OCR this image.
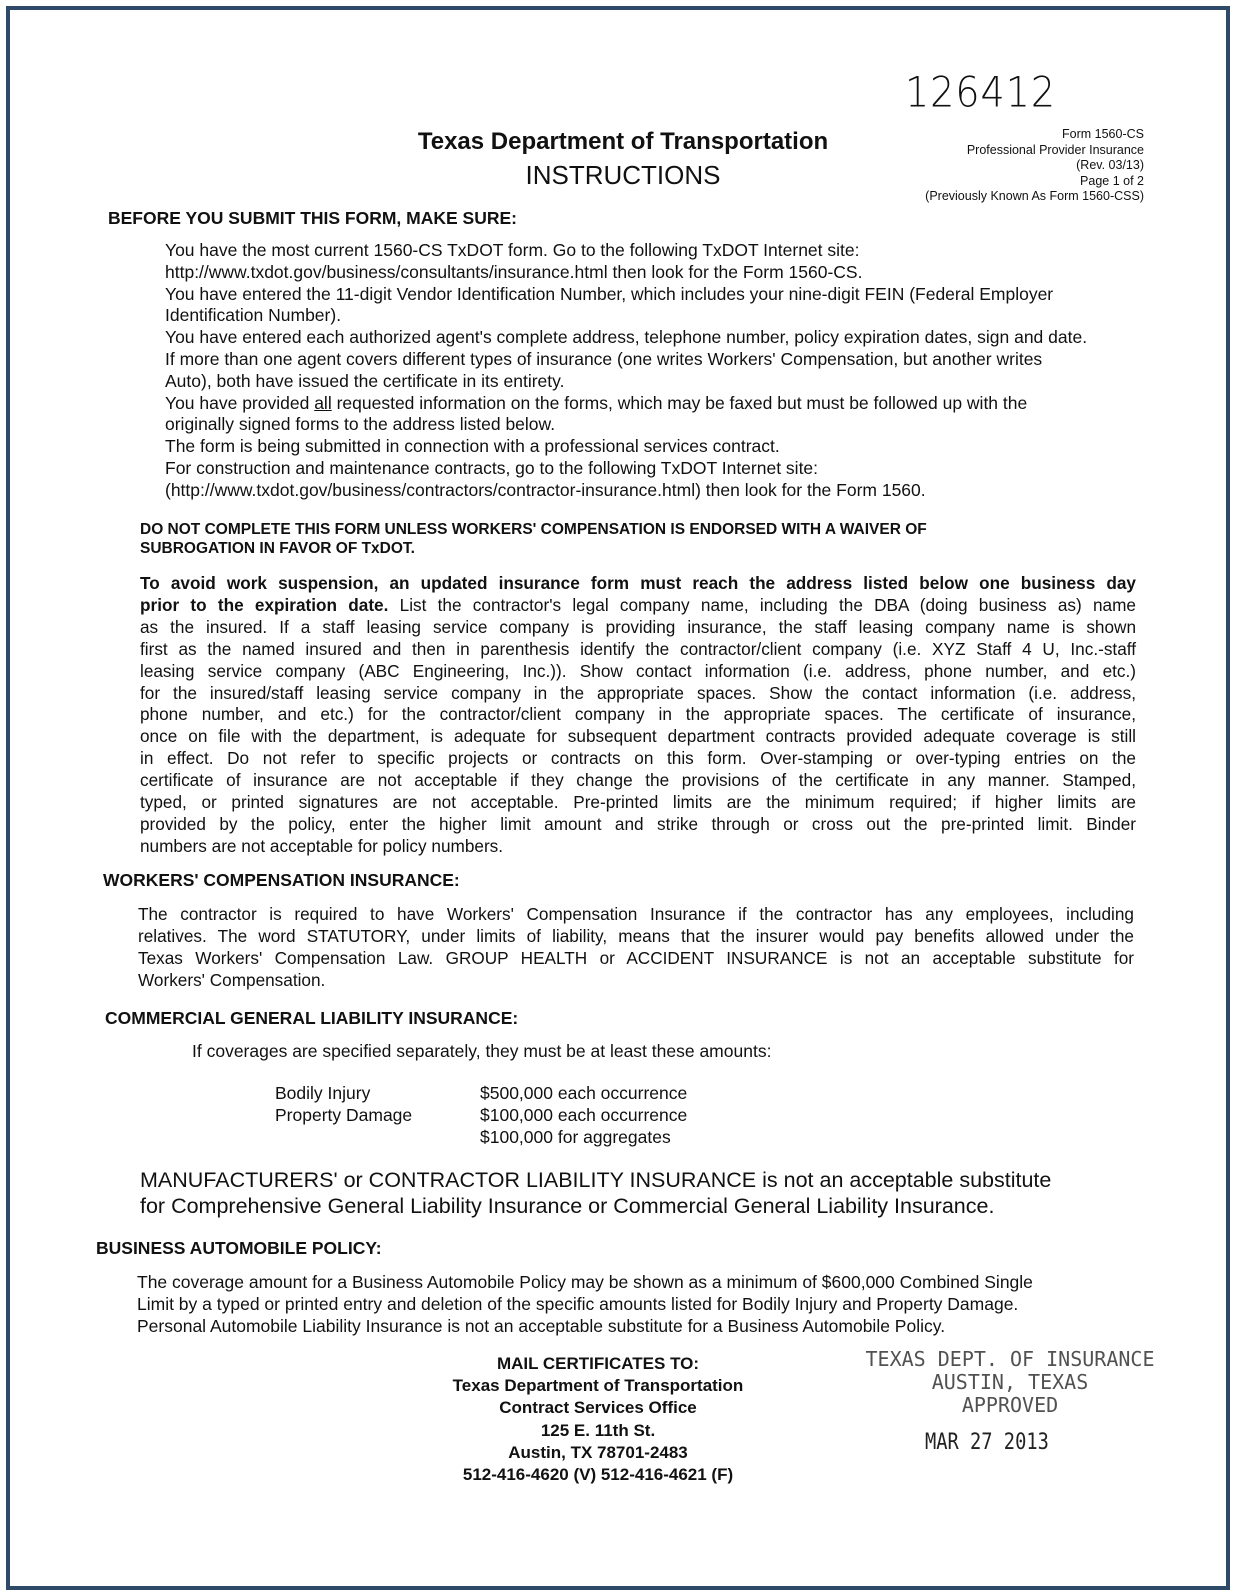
126412
Texas Department of Transportation
INSTRUCTIONS
Form 1560-CS
Professional Provider Insurance
(Rev. 03/13)
Page 1 of 2
(Previously Known As Form 1560-CSS)
BEFORE YOU SUBMIT THIS FORM, MAKE SURE:
You have the most current 1560-CS TxDOT form. Go to the following TxDOT Internet site:
http://www.txdot.gov/business/consultants/insurance.html then look for the Form 1560-CS.
You have entered the 11-digit Vendor Identification Number, which includes your nine-digit FEIN (Federal Employer
Identification Number).
You have entered each authorized agent's complete address, telephone number, policy expiration dates, sign and date.
If more than one agent covers different types of insurance (one writes Workers' Compensation, but another writes
Auto), both have issued the certificate in its entirety.
You have provided all requested information on the forms, which may be faxed but must be followed up with the
originally signed forms to the address listed below.
The form is being submitted in connection with a professional services contract.
For construction and maintenance contracts, go to the following TxDOT Internet site:
(http://www.txdot.gov/business/contractors/contractor-insurance.html) then look for the Form 1560.
DO NOT COMPLETE THIS FORM UNLESS WORKERS' COMPENSATION IS ENDORSED WITH A WAIVER OF
SUBROGATION IN FAVOR OF TxDOT.
To avoid work suspension, an updated insurance form must reach the address listed below one business day
prior to the expiration date. List the contractor's legal company name, including the DBA (doing business as) name
as the insured. If a staff leasing service company is providing insurance, the staff leasing company name is shown
first as the named insured and then in parenthesis identify the contractor/client company (i.e. XYZ Staff 4 U, Inc.-staff
leasing service company (ABC Engineering, Inc.)). Show contact information (i.e. address, phone number, and etc.)
for the insured/staff leasing service company in the appropriate spaces. Show the contact information (i.e. address,
phone number, and etc.) for the contractor/client company in the appropriate spaces. The certificate of insurance,
once on file with the department, is adequate for subsequent department contracts provided adequate coverage is still
in effect. Do not refer to specific projects or contracts on this form. Over-stamping or over-typing entries on the
certificate of insurance are not acceptable if they change the provisions of the certificate in any manner. Stamped,
typed, or printed signatures are not acceptable. Pre-printed limits are the minimum required; if higher limits are
provided by the policy, enter the higher limit amount and strike through or cross out the pre-printed limit. Binder
numbers are not acceptable for policy numbers.
WORKERS' COMPENSATION INSURANCE:
The contractor is required to have Workers' Compensation Insurance if the contractor has any employees, including
relatives. The word STATUTORY, under limits of liability, means that the insurer would pay benefits allowed under the
Texas Workers' Compensation Law. GROUP HEALTH or ACCIDENT INSURANCE is not an acceptable substitute for
Workers' Compensation.
COMMERCIAL GENERAL LIABILITY INSURANCE:
If coverages are specified separately, they must be at least these amounts:
Bodily Injury	$500,000 each occurrence
Property Damage	$100,000 each occurrence
$100,000 for aggregates
MANUFACTURERS' or CONTRACTOR LIABILITY INSURANCE is not an acceptable substitute
for Comprehensive General Liability Insurance or Commercial General Liability Insurance.
BUSINESS AUTOMOBILE POLICY:
The coverage amount for a Business Automobile Policy may be shown as a minimum of $600,000 Combined Single
Limit by a typed or printed entry and deletion of the specific amounts listed for Bodily Injury and Property Damage.
Personal Automobile Liability Insurance is not an acceptable substitute for a Business Automobile Policy.
MAIL CERTIFICATES TO:
Texas Department of Transportation
Contract Services Office
125 E. 11th St.
Austin, TX 78701-2483
512-416-4620 (V) 512-416-4621 (F)
TEXAS DEPT. OF INSURANCE
AUSTIN, TEXAS
APPROVED
MAR 27 2013
